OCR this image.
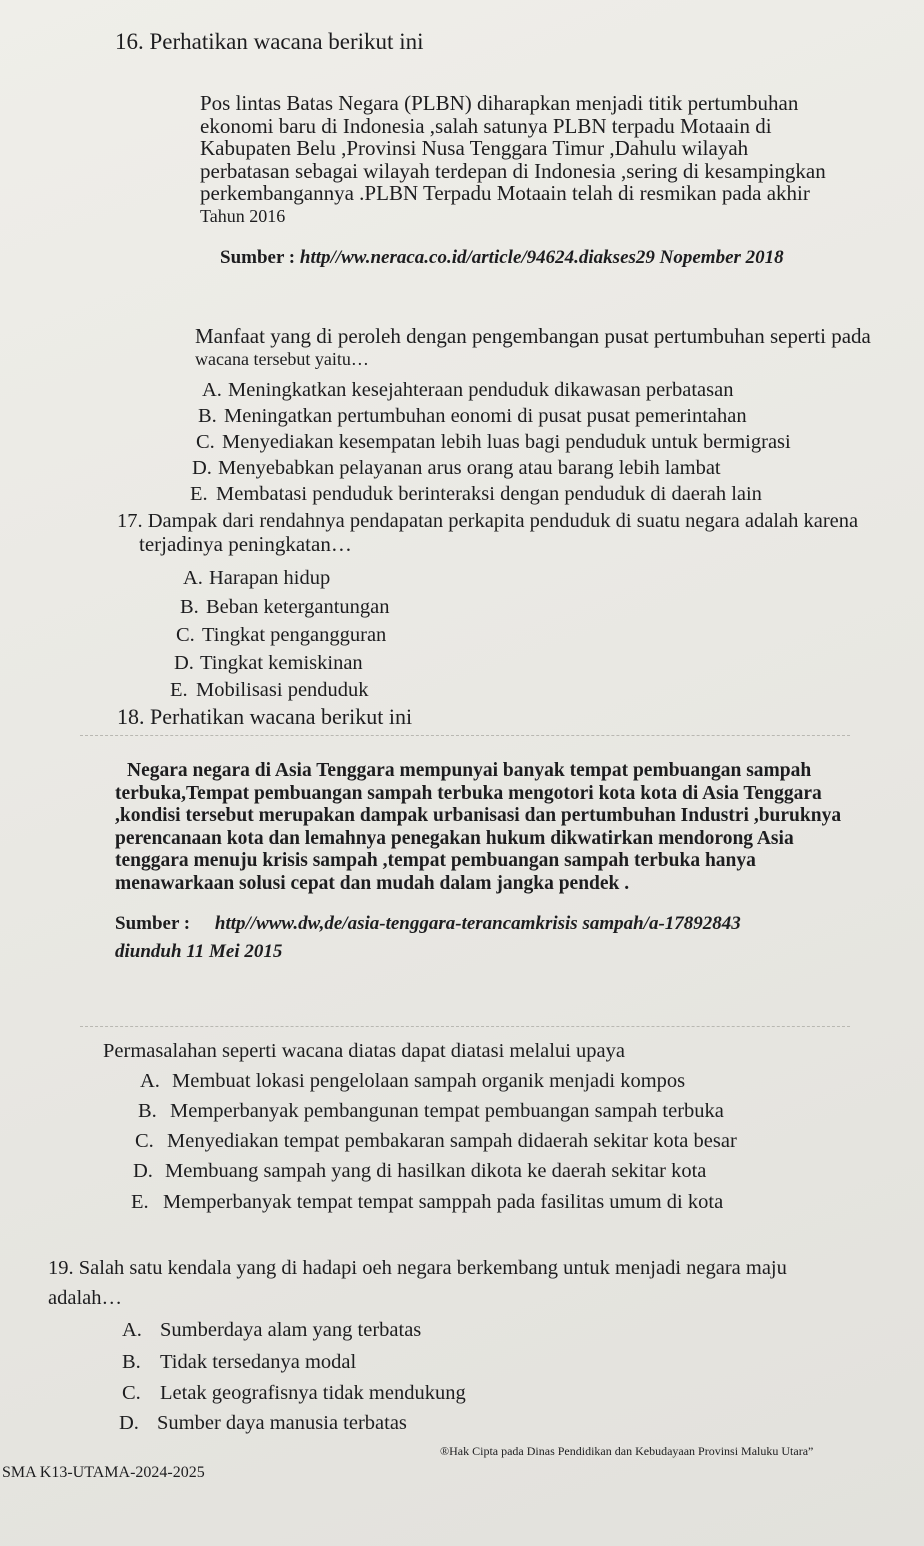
16. Perhatikan wacana berikut ini
Pos lintas Batas Negara (PLBN) diharapkan menjadi titik pertumbuhan
ekonomi baru di Indonesia ,salah satunya PLBN terpadu Motaain di
Kabupaten Belu ,Provinsi Nusa Tenggara Timur ,Dahulu wilayah
perbatasan sebagai wilayah terdepan di Indonesia ,sering di kesampingkan
perkembangannya .PLBN Terpadu Motaain telah di resmikan pada akhir
Tahun 2016
Sumber : http//ww.neraca.co.id/article/94624.diakses29 Nopember 2018
Manfaat yang di peroleh dengan pengembangan pusat pertumbuhan seperti pada
wacana tersebut yaitu…
A. Meningkatkan kesejahteraan penduduk dikawasan perbatasan
B. Meningatkan pertumbuhan eonomi di pusat pusat pemerintahan
C. Menyediakan kesempatan lebih luas bagi penduduk untuk bermigrasi
D. Menyebabkan pelayanan arus orang atau barang lebih lambat
E. Membatasi penduduk berinteraksi dengan penduduk di daerah lain
17. Dampak dari rendahnya pendapatan perkapita penduduk di suatu negara adalah karena
terjadinya peningkatan…
A. Harapan hidup
B. Beban ketergantungan
C. Tingkat pengangguran
D. Tingkat kemiskinan
E. Mobilisasi penduduk
18. Perhatikan wacana berikut ini
Negara negara di Asia Tenggara mempunyai banyak tempat pembuangan sampah
terbuka,Tempat pembuangan sampah terbuka mengotori kota kota di Asia Tenggara
,kondisi tersebut merupakan dampak urbanisasi dan pertumbuhan Industri ,buruknya
perencanaan kota dan lemahnya penegakan hukum dikwatirkan mendorong Asia
tenggara menuju krisis sampah ,tempat pembuangan sampah terbuka hanya
menawarkaan solusi cepat dan mudah dalam jangka pendek .
Sumber : http//www.dw,de/asia-tenggara-terancamkrisis sampah/a-17892843
diunduh 11 Mei 2015
Permasalahan seperti wacana diatas dapat diatasi melalui upaya
A. Membuat lokasi pengelolaan sampah organik menjadi kompos
B. Memperbanyak pembangunan tempat pembuangan sampah terbuka
C. Menyediakan tempat pembakaran sampah didaerah sekitar kota besar
D. Membuang sampah yang di hasilkan dikota ke daerah sekitar kota
E. Memperbanyak tempat tempat samppah pada fasilitas umum di kota
19. Salah satu kendala yang di hadapi oeh negara berkembang untuk menjadi negara maju
adalah…
A. Sumberdaya alam yang terbatas
B. Tidak tersedanya modal
C. Letak geografisnya tidak mendukung
D. Sumber daya manusia terbatas
SMA K13-UTAMA-2024-2025
®Hak Cipta pada Dinas Pendidikan dan Kebudayaan Provinsi Maluku Utara”
